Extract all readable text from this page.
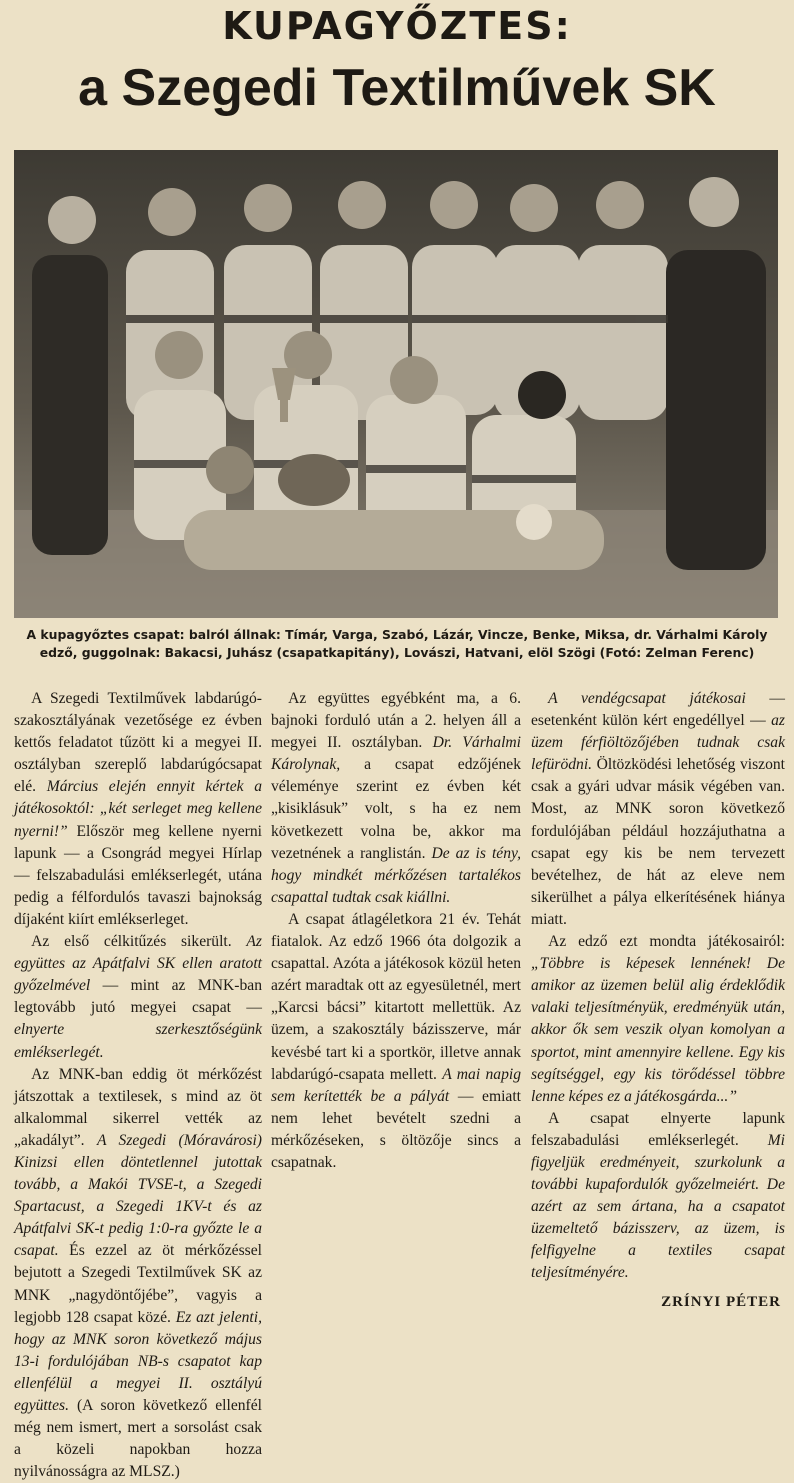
KUPAGYŐZTES:
a Szegedi Textilművek SK
A kupagyőztes csapat: balról állnak: Tímár, Varga, Szabó, Lázár, Vincze, Benke, Miksa, dr. Várhalmi Károly edző, guggolnak: Bakacsi, Juhász (csapatkapitány), Lovászi, Hatvani, elöl Szögi (Fotó: Zelman Ferenc)

A Szegedi Textilművek labdarúgó-szakosztályának vezetősége ez évben kettős feladatot tűzött ki a megyei II. osztályban szereplő labdarúgócsapat elé. Március elején ennyit kértek a játékosoktól: „két serleget meg kellene nyerni!” Először meg kellene nyerni lapunk — a Csongrád megyei Hírlap — felszabadulási emlékserlegét, utána pedig a félfordulós tavaszi bajnokság díjaként kiírt emlékserleget.

Az első célkitűzés sikerült. Az együttes az Apátfalvi SK ellen aratott győzelmével — mint az MNK-ban legtovább jutó megyei csapat — elnyerte szerkesztőségünk emlékserlegét.

Az MNK-ban eddig öt mérkőzést játszottak a textilesek, s mind az öt alkalommal sikerrel vették az „akadályt”. A Szegedi (Móravárosi) Kinizsi ellen döntetlennel jutottak tovább, a Makói TVSE-t, a Szegedi Spartacust, a Szegedi 1KV-t és az Apátfalvi SK-t pedig 1:0-ra győzte le a csapat. És ezzel az öt mérkőzéssel bejutott a Szegedi Textilművek SK az MNK „nagydöntőjébe”, vagyis a legjobb 128 csapat közé. Ez azt jelenti, hogy az MNK soron következő május 13-i fordulójában NB-s csapatot kap ellenfélül a megyei II. osztályú együttes. (A soron következő ellenfél még nem ismert, mert a sorsolást csak a közeli napokban hozza nyilvánosságra az MLSZ.)

Az együttes egyébként ma, a 6. bajnoki forduló után a 2. helyen áll a megyei II. osztályban. Dr. Várhalmi Károlynak, a csapat edzőjének véleménye szerint ez évben két „kisiklásuk” volt, s ha ez nem következett volna be, akkor ma vezetnének a ranglistán. De az is tény, hogy mindkét mérkőzésen tartalékos csapattal tudtak csak kiállni.

A csapat átlagéletkora 21 év. Tehát fiatalok. Az edző 1966 óta dolgozik a csapattal. Azóta a játékosok közül heten azért maradtak ott az egyesületnél, mert „Karcsi bácsi” kitartott mellettük. Az üzem, a szakosztály bázisszerve, már kevésbé tart ki a sportkör, illetve annak labdarúgó-csapata mellett. A mai napig sem kerítették be a pályát — emiatt nem lehet bevételt szedni a mérkőzéseken, s öltözője sincs a csapatnak.

A vendégcsapat játékosai — esetenként külön kért engedéllyel — az üzem férfiöltözőjében tudnak csak lefürödni. Öltözködési lehetőség viszont csak a gyári udvar másik végében van. Most, az MNK soron következő fordulójában például hozzájuthatna a csapat egy kis be nem tervezett bevételhez, de hát az eleve nem sikerülhet a pálya elkerítésének hiánya miatt.

Az edző ezt mondta játékosairól: „Többre is képesek lennének! De amikor az üzemen belül alig érdeklődik valaki teljesítményük, eredményük után, akkor ők sem veszik olyan komolyan a sportot, mint amennyire kellene. Egy kis segítséggel, egy kis törődéssel többre lenne képes ez a játékosgárda...”

A csapat elnyerte lapunk felszabadulási emlékserlegét. Mi figyeljük eredményeit, szurkolunk a további kupafordulók győzelmeiért. De azért az sem ártana, ha a csapatot üzemeltető bázisszerv, az üzem, is felfigyelne a textiles csapat teljesítményére.

ZRÍNYI PÉTER
